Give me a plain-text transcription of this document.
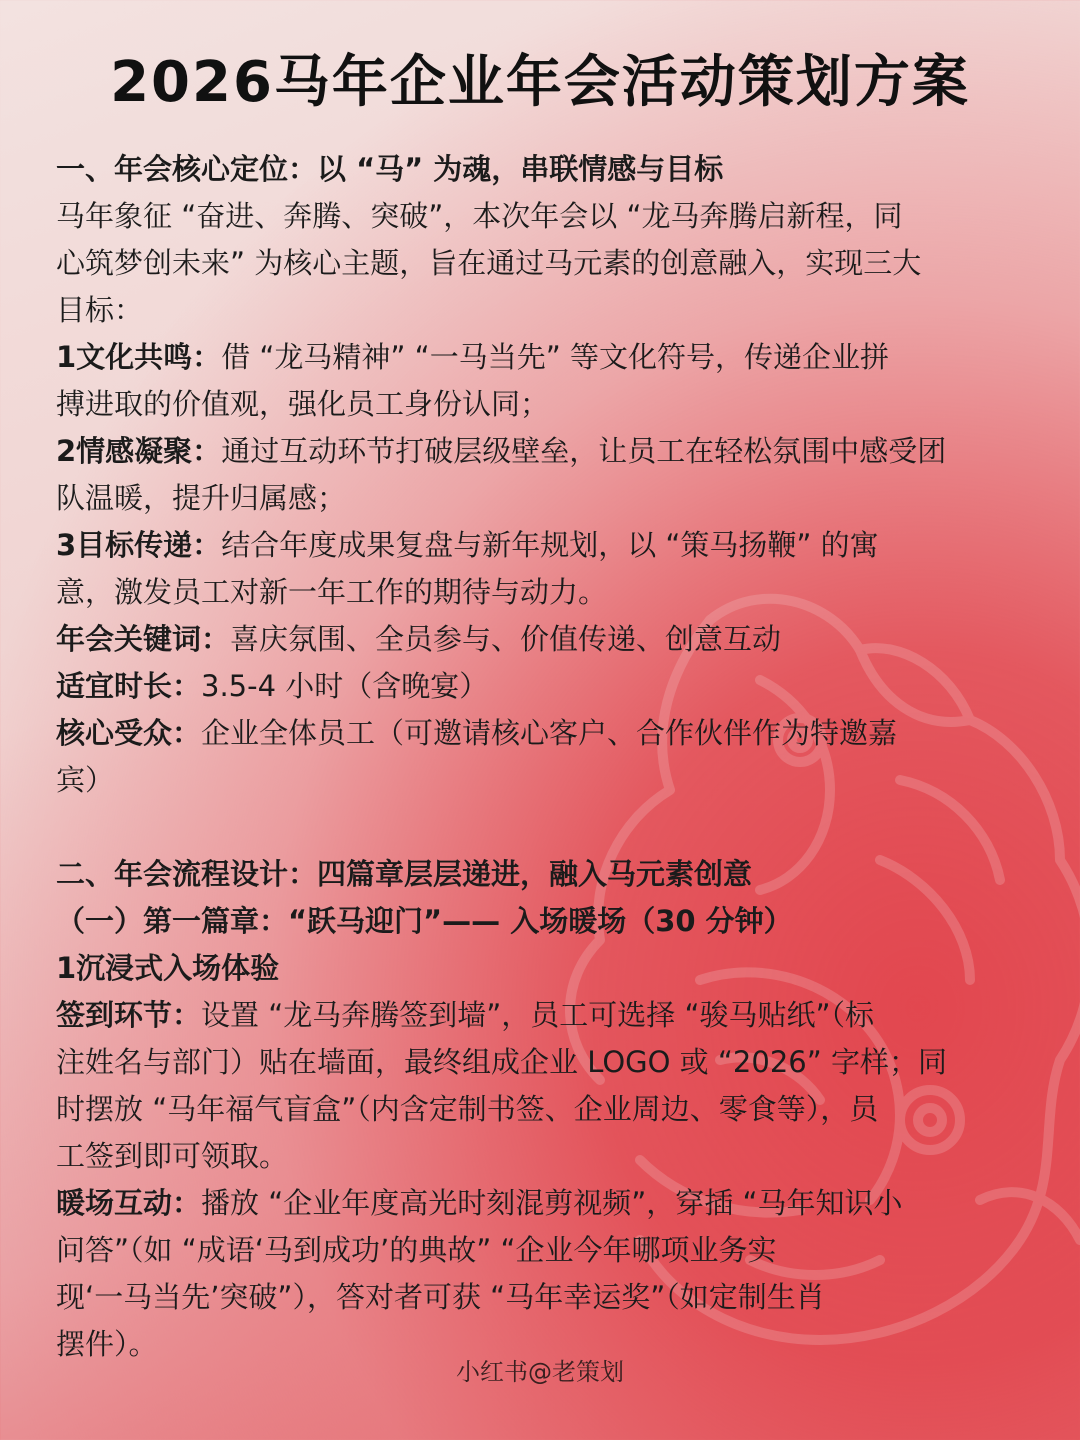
2026马年企业年会活动策划方案
一、年会核心定位：以 “马” 为魂，串联情感与目标
马年象征 “奋进、奔腾、突破”，本次年会以 “龙马奔腾启新程，同
心筑梦创未来” 为核心主题，旨在通过马元素的创意融入，实现三大
目标：
1文化共鸣：借 “龙马精神” “一马当先” 等文化符号，传递企业拼
搏进取的价值观，强化员工身份认同；
2情感凝聚：通过互动环节打破层级壁垒，让员工在轻松氛围中感受团
队温暖，提升归属感；
3目标传递：结合年度成果复盘与新年规划，以 “策马扬鞭” 的寓
意，激发员工对新一年工作的期待与动力。
年会关键词：喜庆氛围、全员参与、价值传递、创意互动
适宜时长：3.5-4 小时（含晚宴）
核心受众：企业全体员工（可邀请核心客户、合作伙伴作为特邀嘉
宾）
二、年会流程设计：四篇章层层递进，融入马元素创意
（一）第一篇章：“跃马迎门”—— 入场暖场（30 分钟）
1沉浸式入场体验
签到环节：设置 “龙马奔腾签到墙”，员工可选择 “骏马贴纸”（标
注姓名与部门）贴在墙面，最终组成企业 LOGO 或 “2026” 字样；同
时摆放 “马年福气盲盒”（内含定制书签、企业周边、零食等），员
工签到即可领取。
暖场互动：播放 “企业年度高光时刻混剪视频”，穿插 “马年知识小
问答”（如 “成语‘马到成功’的典故” “企业今年哪项业务实
现‘一马当先’突破”），答对者可获 “马年幸运奖”（如定制生肖
摆件）。
小红书@老策划
